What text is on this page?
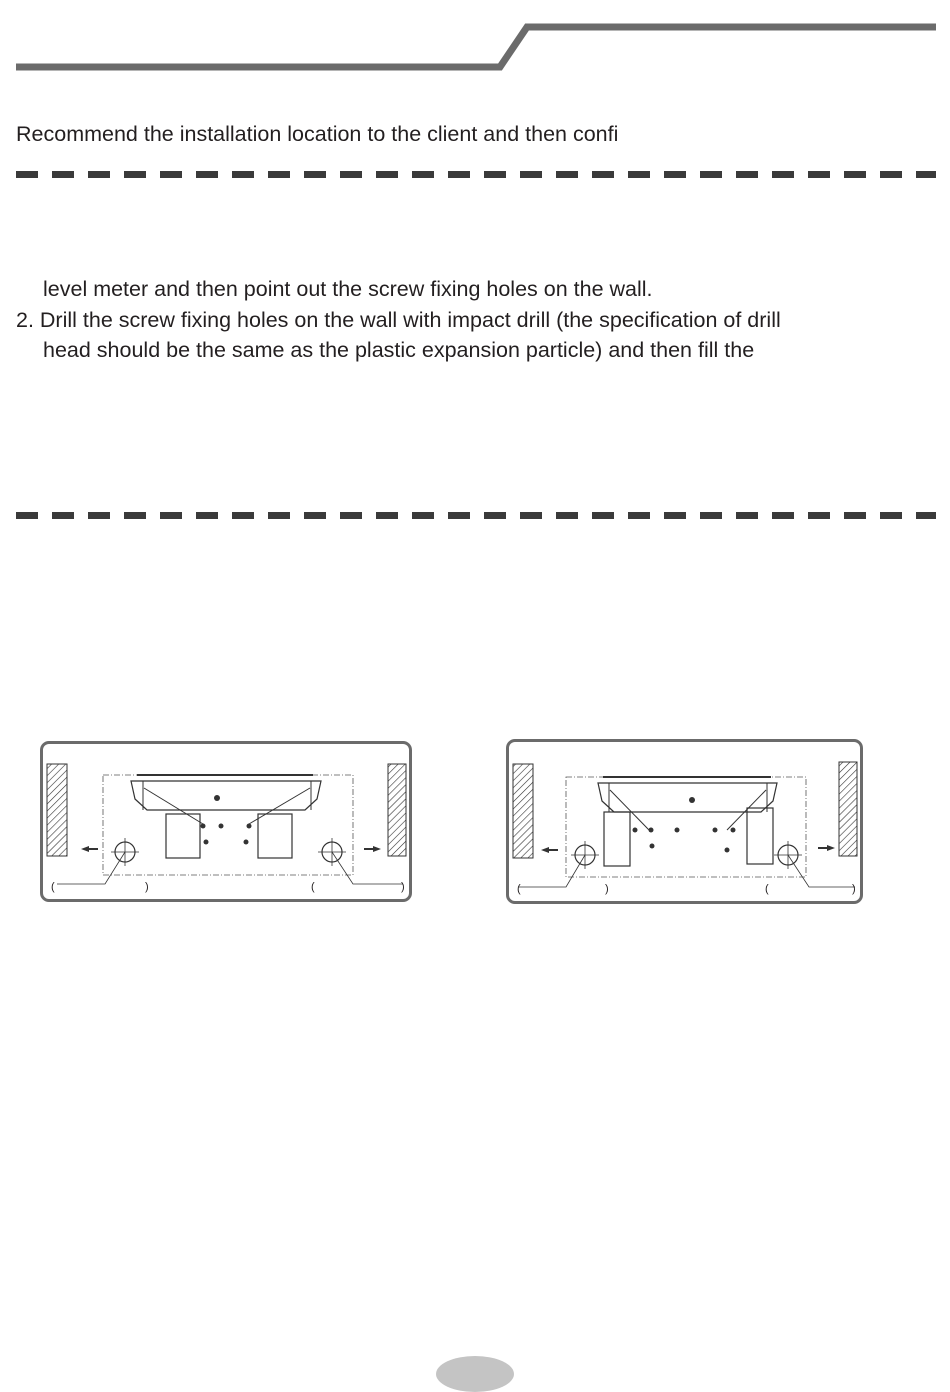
Recommend the installation location to the client and then confi

level meter and then point out the screw fixing holes on the wall.
2. Drill the screw fixing holes on the wall with impact drill (the specification of drill
head should be the same as the plastic expansion particle) and then fill the

(	)	(	)	(	)	(	)
